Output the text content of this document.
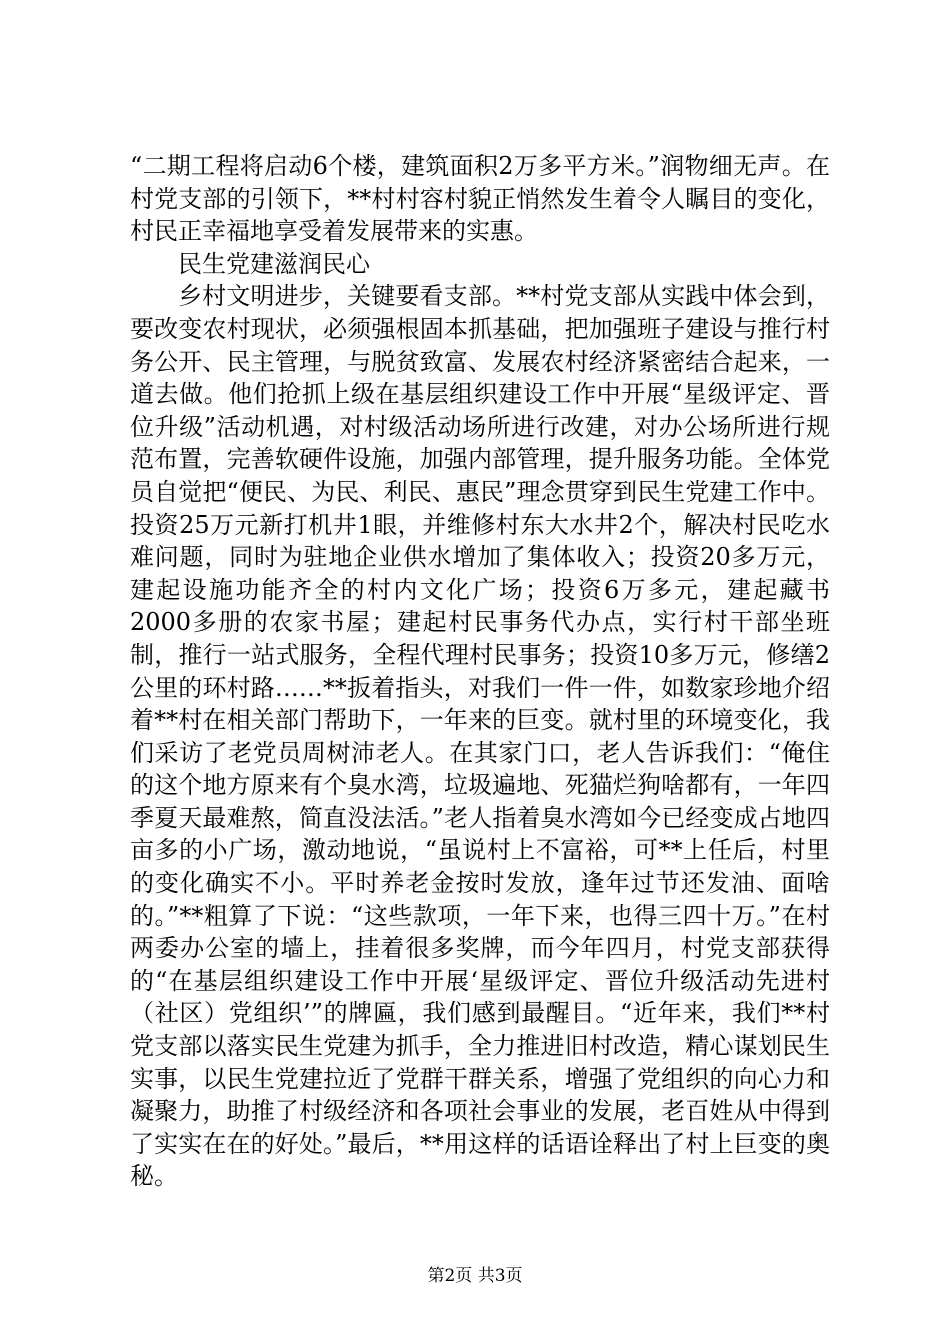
“二期工程将启动6个楼，建筑面积2万多平方米。”润物细无声。在村党支部的引领下，**村村容村貌正悄然发生着令人瞩目的变化，村民正幸福地享受着发展带来的实惠。

民生党建滋润民心

乡村文明进步，关键要看支部。**村党支部从实践中体会到，要改变农村现状，必须强根固本抓基础，把加强班子建设与推行村务公开、民主管理，与脱贫致富、发展农村经济紧密结合起来，一道去做。他们抢抓上级在基层组织建设工作中开展“星级评定、晋位升级”活动机遇，对村级活动场所进行改建，对办公场所进行规范布置，完善软硬件设施，加强内部管理，提升服务功能。全体党员自觉把“便民、为民、利民、惠民”理念贯穿到民生党建工作中。投资25万元新打机井1眼，并维修村东大水井2个，解决村民吃水难问题，同时为驻地企业供水增加了集体收入；投资20多万元，建起设施功能齐全的村内文化广场；投资6万多元，建起藏书2000多册的农家书屋；建起村民事务代办点，实行村干部坐班制，推行一站式服务，全程代理村民事务；投资10多万元，修缮2公里的环村路……**扳着指头，对我们一件一件，如数家珍地介绍着**村在相关部门帮助下，一年来的巨变。就村里的环境变化，我们采访了老党员周树沛老人。在其家门口，老人告诉我们：“俺住的这个地方原来有个臭水湾，垃圾遍地、死猫烂狗啥都有，一年四季夏天最难熬，简直没法活。”老人指着臭水湾如今已经变成占地四亩多的小广场，激动地说，“虽说村上不富裕，可**上任后，村里的变化确实不小。平时养老金按时发放，逢年过节还发油、面啥的。”**粗算了下说：“这些款项，一年下来，也得三四十万。”在村两委办公室的墙上，挂着很多奖牌，而今年四月，村党支部获得的“在基层组织建设工作中开展‘星级评定、晋位升级活动先进村（社区）党组织’”的牌匾，我们感到最醒目。“近年来，我们**村党支部以落实民生党建为抓手，全力推进旧村改造，精心谋划民生实事，以民生党建拉近了党群干群关系，增强了党组织的向心力和凝聚力，助推了村级经济和各项社会事业的发展，老百姓从中得到了实实在在的好处。”最后，**用这样的话语诠释出了村上巨变的奥秘。

第2页 共3页
